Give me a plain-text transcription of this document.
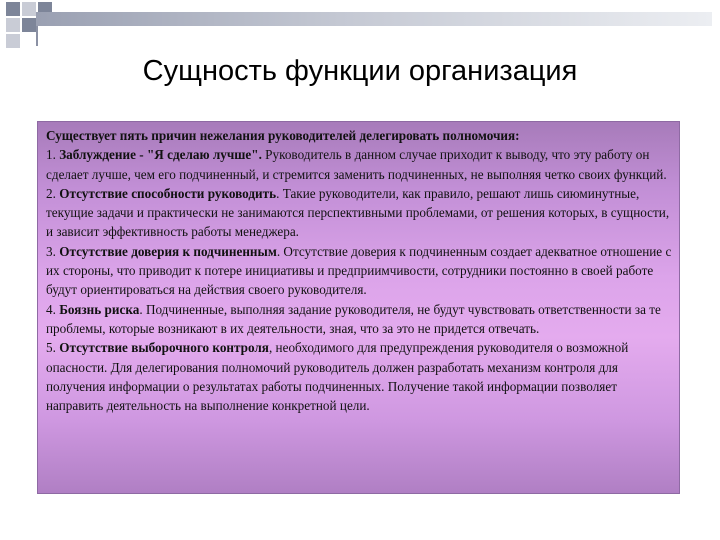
Сущность функции организация

Существует пять причин нежелания руководителей делегировать полномочия:

1. Заблуждение - "Я сделаю лучше". Руководитель в данном случае приходит к выводу, что эту работу он сделает лучше, чем его подчиненный, и стремится заменить подчиненных, не выполняя четко своих функций.

2. Отсутствие способности руководить. Такие руководители, как правило, решают лишь сиюминутные, текущие задачи и практически не занимаются перспективными проблемами, от решения которых, в сущности, и зависит эффективность работы менеджера.

3. Отсутствие доверия к подчиненным. Отсутствие доверия к подчиненным создает адекватное отношение с их стороны, что приводит к потере инициативы и предприимчивости, сотрудники постоянно в своей работе будут ориентироваться на действия своего руководителя.

4. Боязнь риска. Подчиненные, выполняя задание руководителя, не будут чувствовать ответственности за те проблемы, которые возникают в их деятельности, зная, что за это не придется отвечать.

5. Отсутствие выборочного контроля, необходимого для предупреждения руководителя о возможной опасности. Для делегирования полномочий руководитель должен разработать механизм контроля для получения информации о результатах работы подчиненных. Получение такой информации позволяет направить деятельность на выполнение конкретной цели.
